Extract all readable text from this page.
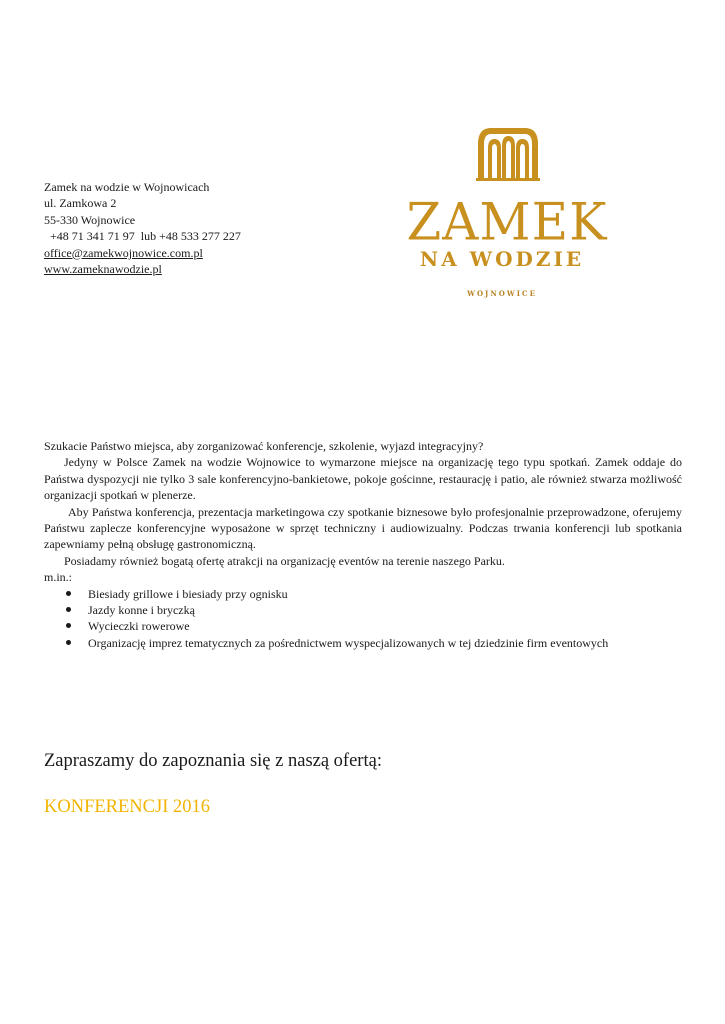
Zamek na wodzie w Wojnowicach
ul. Zamkowa 2
55-330 Wojnowice
+48 71 341 71 97  lub +48 533 277 227
office@zamekwojnowice.com.pl
www.zameknawodzie.pl
ZAMEK
NA WODZIE
WOJNOWICE

Szukacie Państwo miejsca, aby zorganizować konferencje, szkolenie, wyjazd integracyjny?

Jedyny w Polsce Zamek na wodzie Wojnowice to wymarzone miejsce na organizację tego typu spotkań. Zamek oddaje do Państwa dyspozycji nie tylko 3 sale konferencyjno-bankietowe, pokoje gościnne, restaurację i patio, ale również stwarza możliwość organizacji spotkań w plenerze.

Aby Państwa konferencja, prezentacja marketingowa czy spotkanie biznesowe było profesjonalnie przeprowadzone, oferujemy Państwu zaplecze konferencyjne wyposażone w sprzęt techniczny i audiowizualny. Podczas trwania konferencji lub spotkania zapewniamy pełną obsługę gastronomiczną.

Posiadamy również bogatą ofertę atrakcji na organizację eventów na terenie naszego Parku.

m.in.:

Biesiady grillowe i biesiady przy ognisku
Jazdy konne i bryczką
Wycieczki rowerowe
Organizację imprez tematycznych za pośrednictwem wyspecjalizowanych w tej dziedzinie firm eventowych
Zapraszamy do zapoznania się z naszą ofertą:
KONFERENCJI 2016
